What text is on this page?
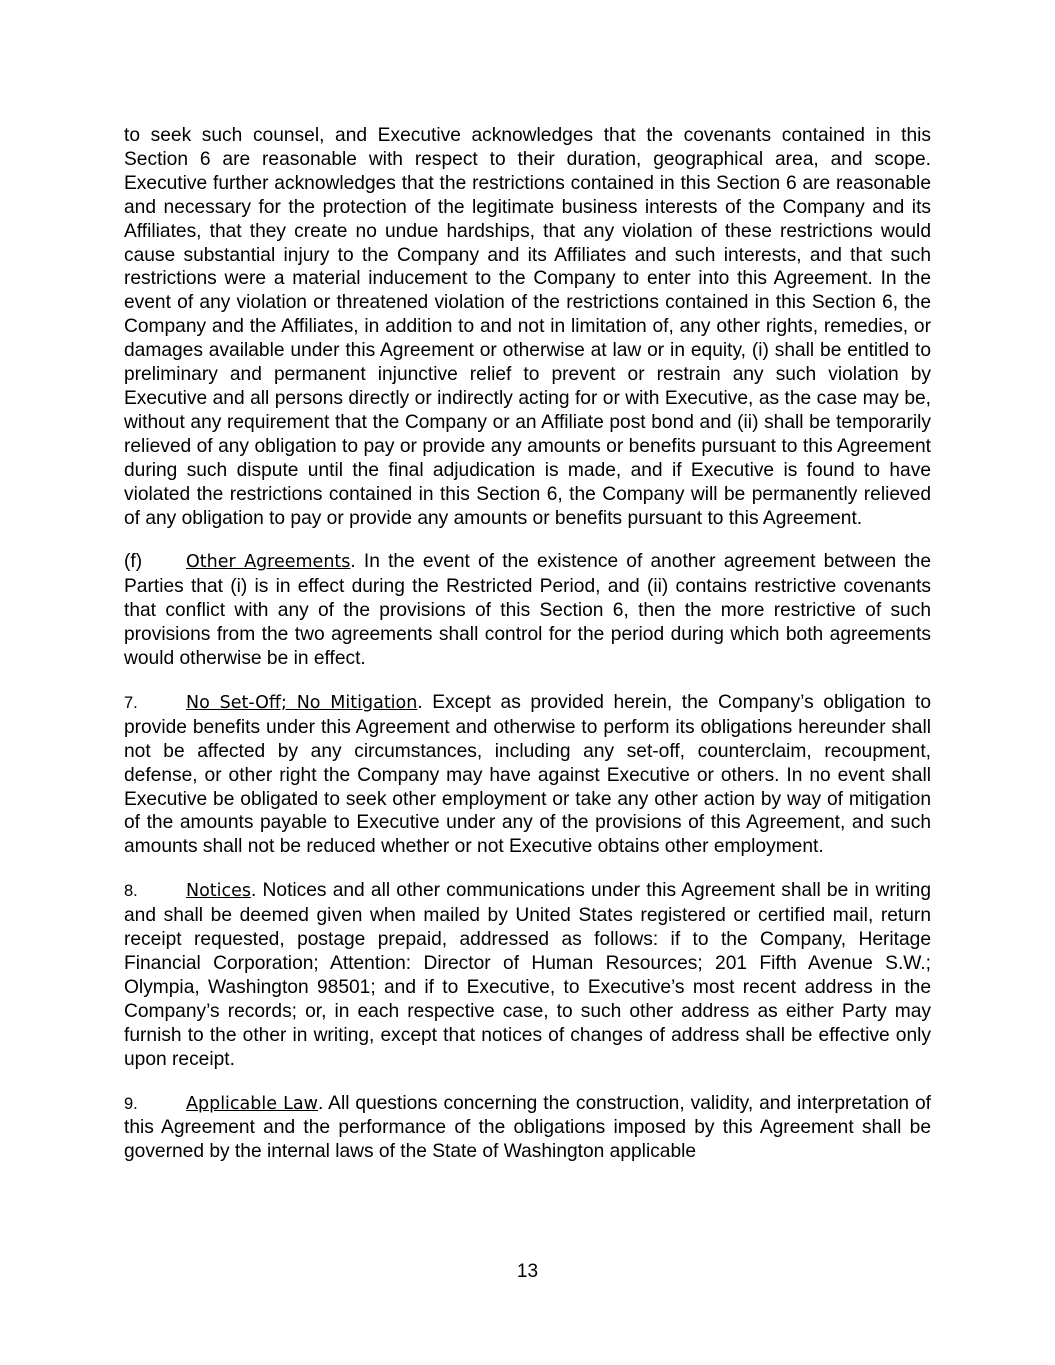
to seek such counsel, and Executive acknowledges that the covenants contained in this Section 6 are reasonable with respect to their duration, geographical area, and scope. Executive further acknowledges that the restrictions contained in this Section 6 are reasonable and necessary for the protection of the legitimate business interests of the Company and its Affiliates, that they create no undue hardships, that any violation of these restrictions would cause substantial injury to the Company and its Affiliates and such interests, and that such restrictions were a material inducement to the Company to enter into this Agreement. In the event of any violation or threatened violation of the restrictions contained in this Section 6, the Company and the Affiliates, in addition to and not in limitation of, any other rights, remedies, or damages available under this Agreement or otherwise at law or in equity, (i) shall be entitled to preliminary and permanent injunctive relief to prevent or restrain any such violation by Executive and all persons directly or indirectly acting for or with Executive, as the case may be, without any requirement that the Company or an Affiliate post bond and (ii) shall be temporarily relieved of any obligation to pay or provide any amounts or benefits pursuant to this Agreement during such dispute until the final adjudication is made, and if Executive is found to have violated the restrictions contained in this Section 6, the Company will be permanently relieved of any obligation to pay or provide any amounts or benefits pursuant to this Agreement.

(f)	Other Agreements. In the event of the existence of another agreement between the Parties that (i) is in effect during the Restricted Period, and (ii) contains restrictive covenants that conflict with any of the provisions of this Section 6, then the more restrictive of such provisions from the two agreements shall control for the period during which both agreements would otherwise be in effect.

7.	No Set-Off; No Mitigation. Except as provided herein, the Company’s obligation to provide benefits under this Agreement and otherwise to perform its obligations hereunder shall not be affected by any circumstances, including any set-off, counterclaim, recoupment, defense, or other right the Company may have against Executive or others. In no event shall Executive be obligated to seek other employment or take any other action by way of mitigation of the amounts payable to Executive under any of the provisions of this Agreement, and such amounts shall not be reduced whether or not Executive obtains other employment.

8.	Notices. Notices and all other communications under this Agreement shall be in writing and shall be deemed given when mailed by United States registered or certified mail, return receipt requested, postage prepaid, addressed as follows: if to the Company, Heritage Financial Corporation; Attention: Director of Human Resources; 201 Fifth Avenue S.W.; Olympia, Washington 98501; and if to Executive, to Executive’s most recent address in the Company’s records; or, in each respective case, to such other address as either Party may furnish to the other in writing, except that notices of changes of address shall be effective only upon receipt.

9.	Applicable Law. All questions concerning the construction, validity, and interpretation of this Agreement and the performance of the obligations imposed by this Agreement shall be governed by the internal laws of the State of Washington applicable

13
